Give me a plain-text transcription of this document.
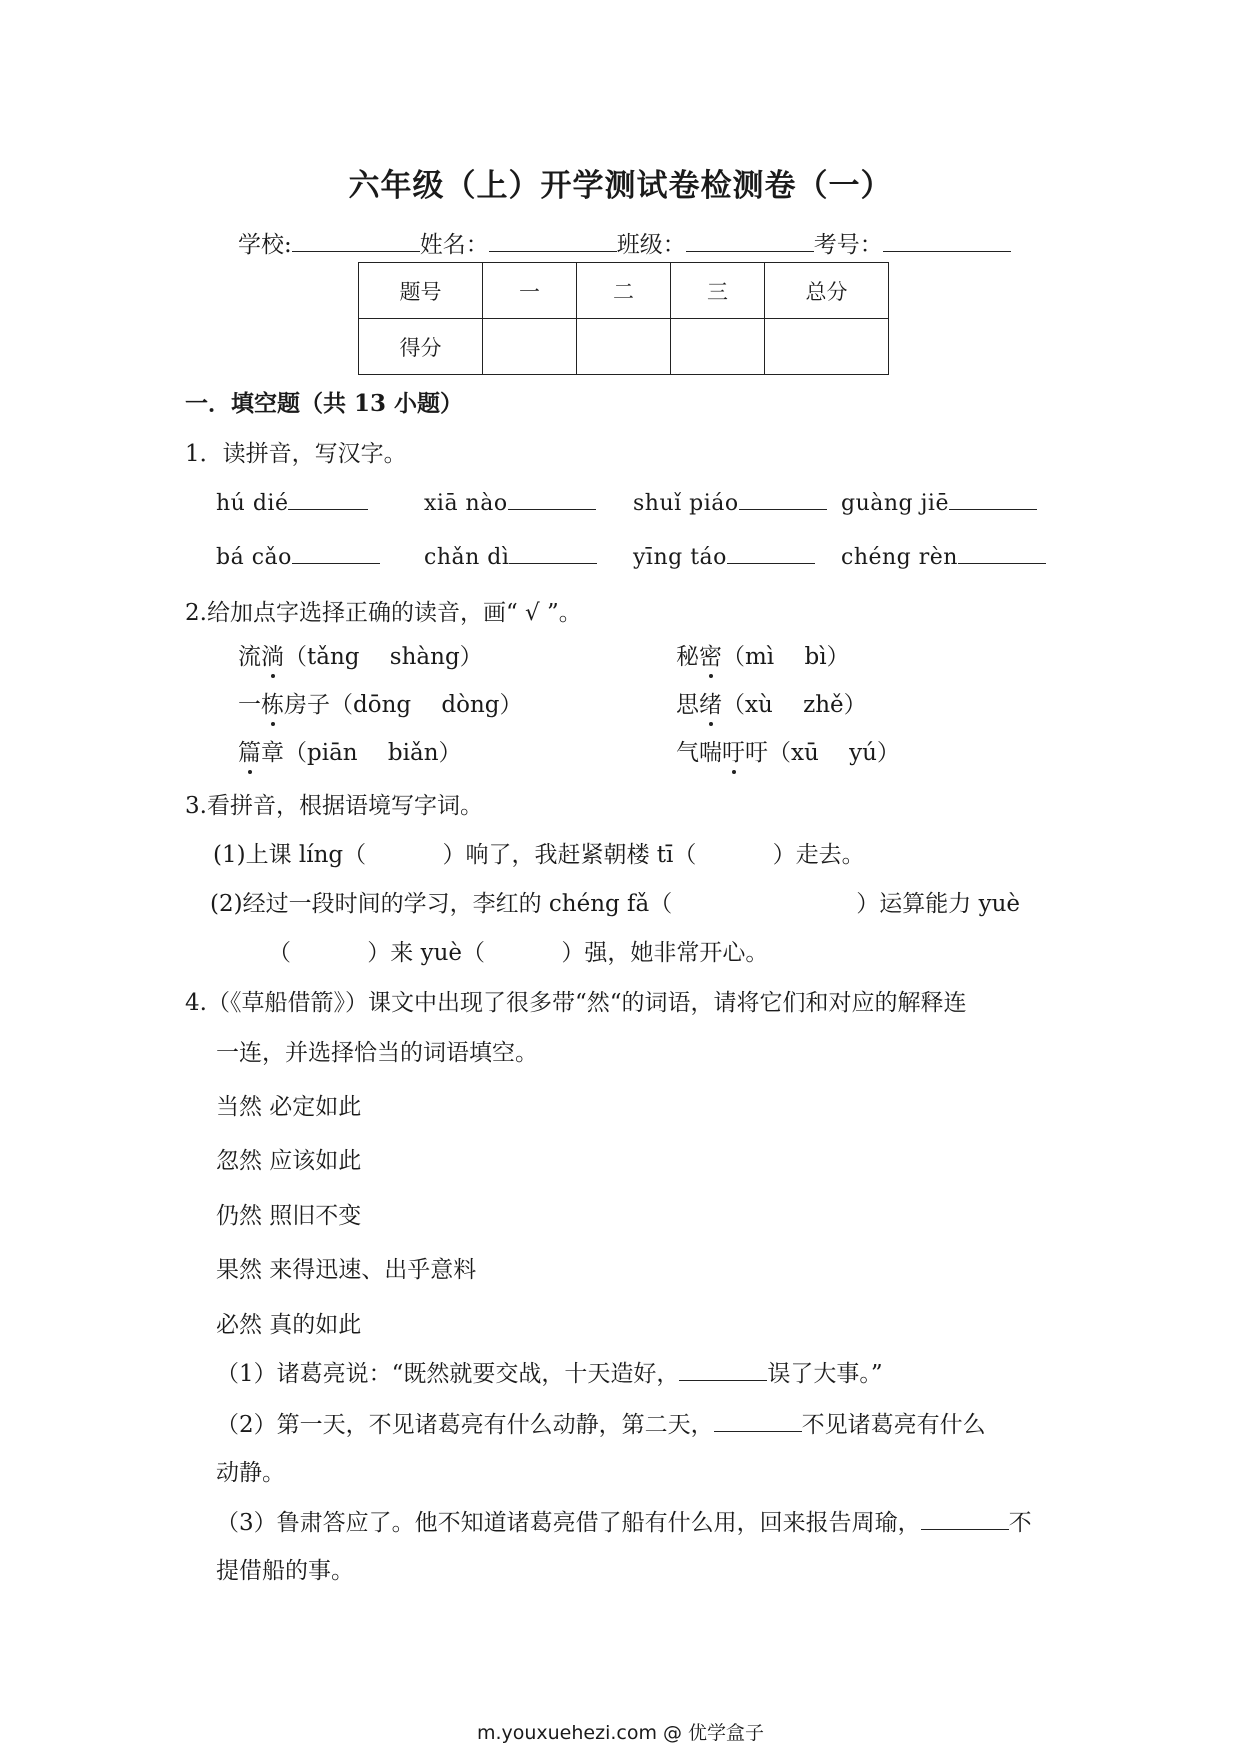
六年级（上）开学测试卷检测卷（一）
学校:	姓名：	班级：	考号：
题号	一	二	三	总分
得分				
一．填空题（共 13 小题）
1．读拼音，写汉字。
hú dié	xiā nào	shuǐ piáo	guàng jiē
bá cǎo	chǎn dì	yīng táo	chéng rèn
2.给加点字选择正确的读音，画“ √ ”。
流淌（tǎng　 shàng）	秘密（mì　 bì）
一栋房子（dōng　 dòng）	思绪（xù　 zhě）
篇章（piān　 biǎn）	气喘吁吁（xū　 yú）
3.看拼音，根据语境写字词。
(1)上课 líng（　　　 ）响了，我赶紧朝楼 tī（　　　 ）走去。
(2)经过一段时间的学习，李红的 chéng fǎ（　　　　　　　　）运算能力 yuè
（　　　 ）来 yuè（　　　 ）强，她非常开心。
4.（《草船借箭》）课文中出现了很多带“然“的词语，请将它们和对应的解释连
一连，并选择恰当的词语填空。
当然 必定如此
忽然 应该如此
仍然 照旧不变
果然 来得迅速、出乎意料
必然 真的如此
（1）诸葛亮说：“既然就要交战，十天造好，	误了大事。”
（2）第一天，不见诸葛亮有什么动静，第二天，	不见诸葛亮有什么
动静。
（3）鲁肃答应了。他不知道诸葛亮借了船有什么用，回来报告周瑜，	不
提借船的事。
m.youxuehezi.com @ 优学盒子
